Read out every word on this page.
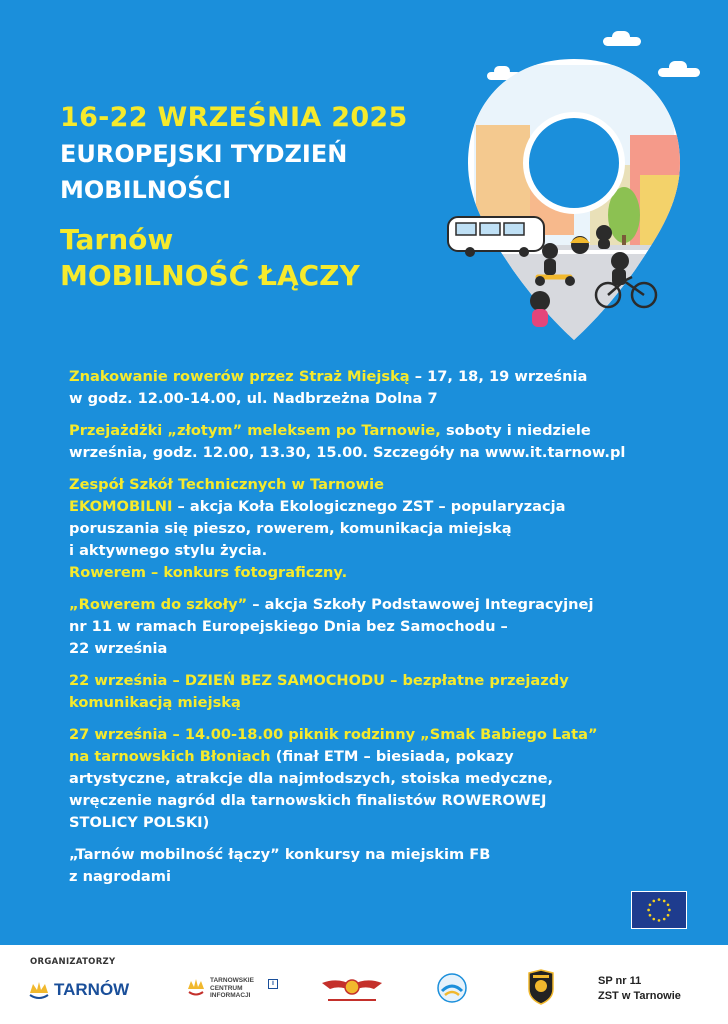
16-22 WRZEŚNIA 2025
EUROPEJSKI TYDZIEŃ
MOBILNOŚCI
Tarnów
MOBILNOŚĆ ŁĄCZY
Znakowanie rowerów przez Straż Miejską – 17, 18, 19 września
w godz. 12.00-14.00, ul. Nadbrzeżna Dolna 7
Przejażdżki „złotym” meleksem po Tarnowie, soboty i niedziele
września, godz. 12.00, 13.30, 15.00. Szczegóły na www.it.tarnow.pl
Zespół Szkół Technicznych w Tarnowie
EKOMOBILNI – akcja Koła Ekologicznego ZST – popularyzacja
poruszania się pieszo, rowerem, komunikacja miejską
i aktywnego stylu życia.
Rowerem – konkurs fotograficzny.
„Rowerem do szkoły” – akcja Szkoły Podstawowej Integracyjnej
nr 11 w ramach Europejskiego Dnia bez Samochodu –
22 września
22 września – DZIEŃ BEZ SAMOCHODU – bezpłatne przejazdy
komunikacją miejską
27 września – 14.00-18.00 piknik rodzinny „Smak Babiego Lata”
na tarnowskich Błoniach (finał ETM – biesiada, pokazy
artystyczne, atrakcje dla najmłodszych, stoiska medyczne,
wręczenie nagród dla tarnowskich finalistów ROWEROWEJ
STOLICY POLSKI)
„Tarnów mobilność łączy” konkursy na miejskim FB
z nagrodami
ORGANIZATORZY
TARNÓW	TARNOWSKIE
CENTRUM
INFORMACJI
i	SP nr 11
ZST w Tarnowie
